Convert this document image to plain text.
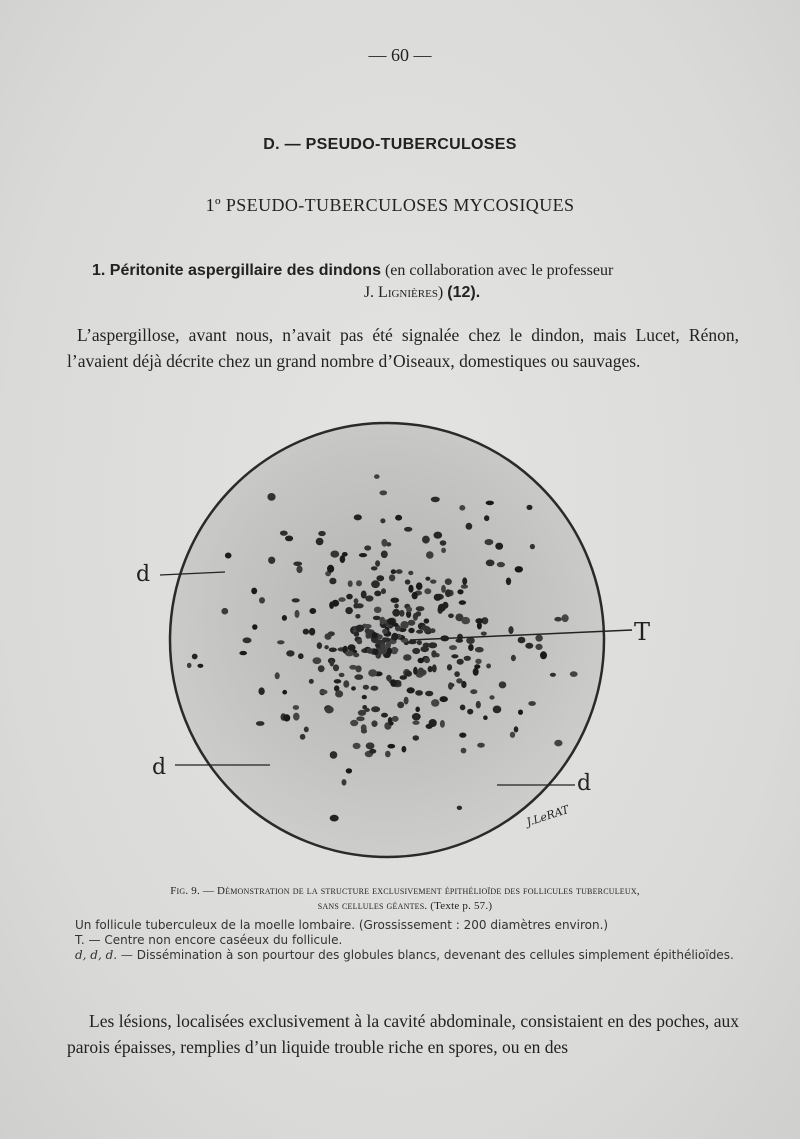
— 60 —
D. — PSEUDO-TUBERCULOSES
1º PSEUDO-TUBERCULOSES MYCOSIQUES
1. Péritonite aspergillaire des dindons (en collaboration avec le professeur
J. Lignières) (12).
L’aspergillose, avant nous, n’avait pas été signalée chez le dindon, mais Lucet, Rénon, l’avaient déjà décrite chez un grand nombre d’Oiseaux, domestiques ou sauvages.
d
d
d
T
J.LeRAT
Fig. 9. — Démonstration de la structure exclusivement épithélioïde des follicules tuberculeux,
sans cellules géantes. (Texte p. 57.)
Un follicule tuberculeux de la moelle lombaire. (Grossissement : 200 diamètres environ.)
T. — Centre non encore caséeux du follicule.
d, d, d. — Dissémination à son pourtour des globules blancs, devenant des cellules simplement épithélioïdes.
Les lésions, localisées exclusivement à la cavité abdominale, consistaient en des poches, aux parois épaisses, remplies d’un liquide trouble riche en spores, ou en des
